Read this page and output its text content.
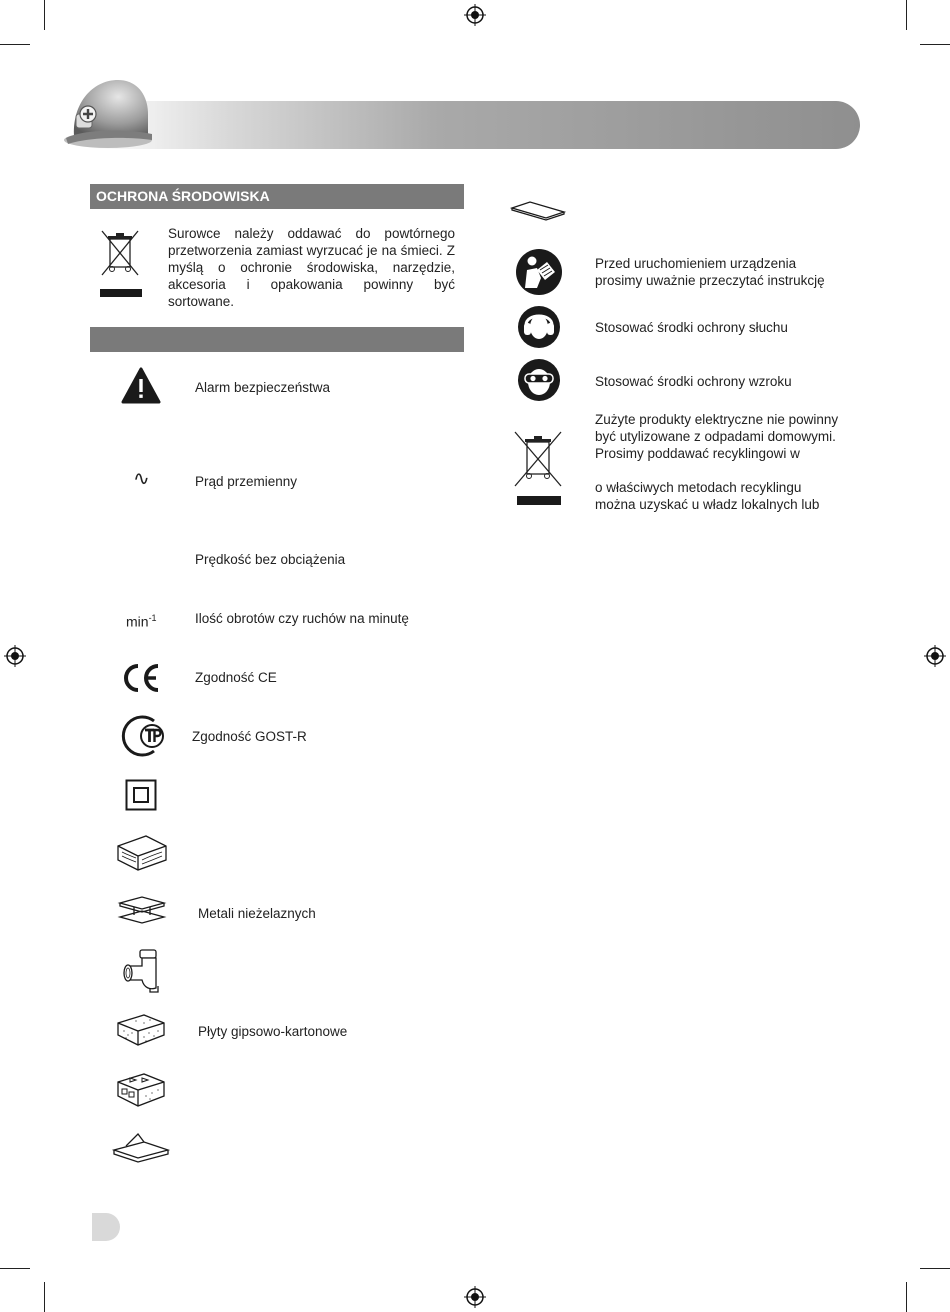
OCHRONA ŚRODOWISKA
Surowce należy oddawać do powtórnego przetworzenia zamiast wyrzucać je na śmieci. Z myślą o ochronie środowiska, narzędzie, akcesoria i opakowania powinny być sortowane.
Alarm bezpieczeństwa
∿	Prąd przemienny
Prędkość bez obciążenia
$\min^{-1}$	Ilość obrotów czy ruchów na minutę
Zgodność CE
Zgodność GOST-R
Metali nieżelaznych
Płyty gipsowo-kartonowe
Przed uruchomieniem urządzenia prosimy uważnie przeczytać instrukcję
Stosować środki ochrony słuchu
Stosować środki ochrony wzroku
Zużyte produkty elektryczne nie powinny
być utylizowane z odpadami domowymi.
Prosimy poddawać recyklingowi w
o właściwych metodach recyklingu
można uzyskać u władz lokalnych lub
